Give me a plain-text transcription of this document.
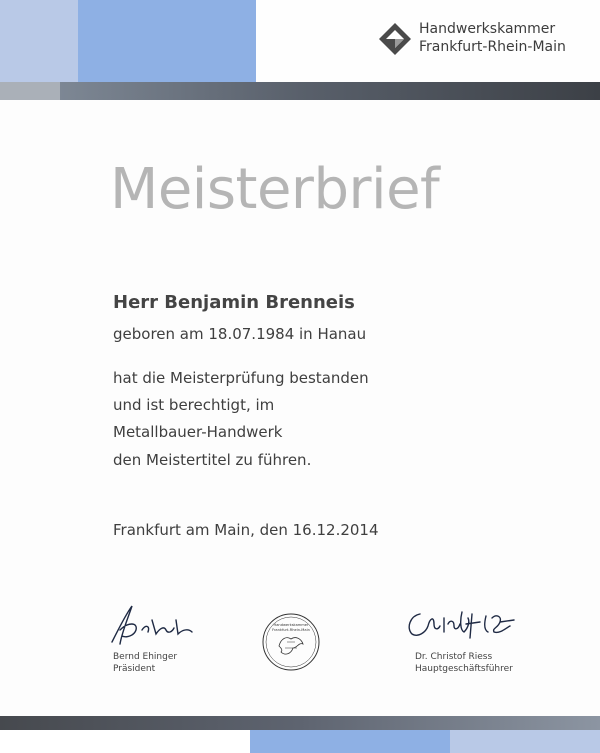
Handwerkskammer
Frankfurt-Rhein-Main
Meisterbrief
Herr Benjamin Brenneis
geboren am 18.07.1984 in Hanau
hat die Meisterprüfung bestanden
und ist berechtigt, im
Metallbauer-Handwerk
den Meistertitel zu führen.
Frankfurt am Main, den 16.12.2014
Bernd Ehinger
Präsident
Handwerkskammer
Frankfurt-Rhein-Main
Dr. Christof Riess
Hauptgeschäftsführer
